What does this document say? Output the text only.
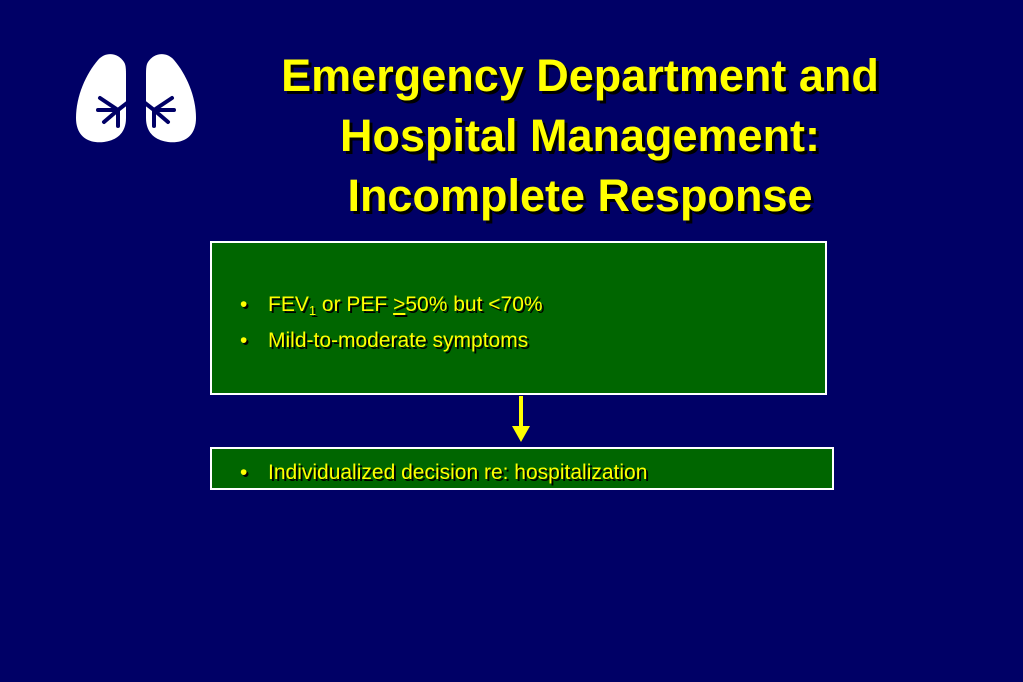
Emergency Department and
Hospital Management:
Incomplete Response
• $FEV_1$ or PEF ≥50% but <70%
• Mild-to-moderate symptoms
• Individualized decision re: hospitalization
